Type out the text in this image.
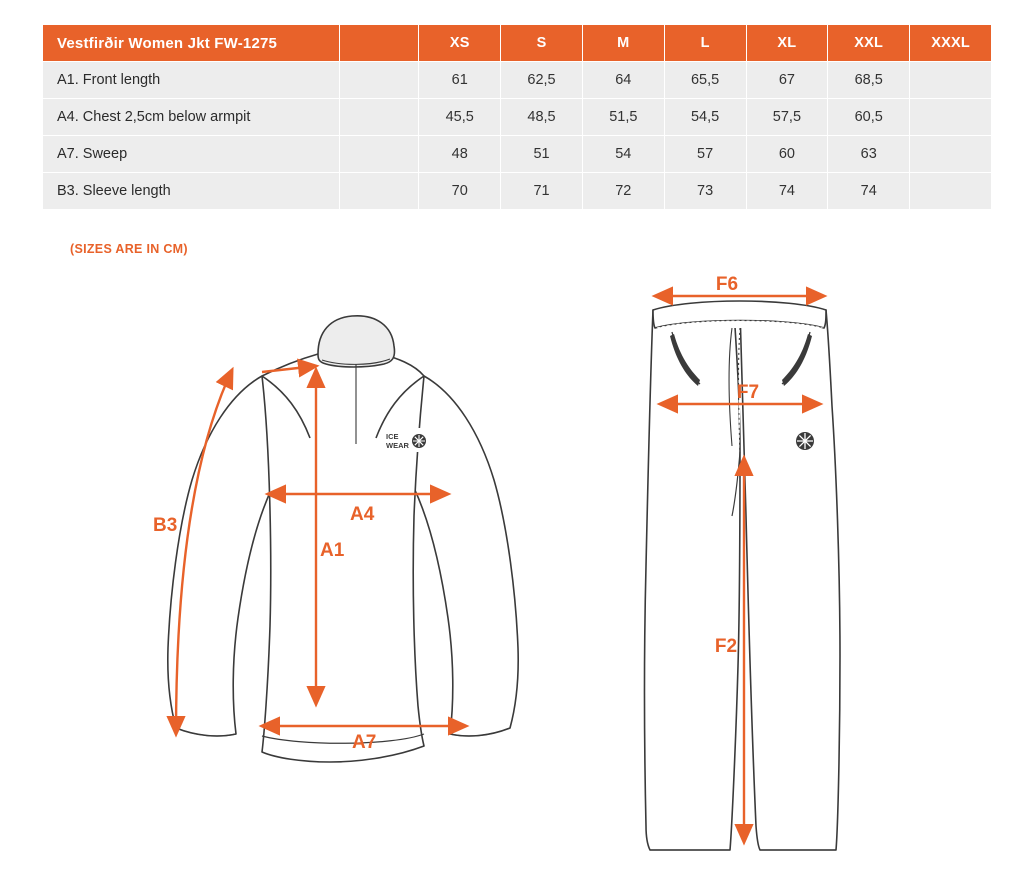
Vestfirðir Women Jkt FW-1275		XS	S	M	L	XL	XXL	XXXL
A1. Front length		61	62,5	64	65,5	67	68,5	
A4. Chest 2,5cm below armpit		45,5	48,5	51,5	54,5	57,5	60,5	
A7. Sweep		48	51	54	57	60	63	
B3. Sleeve length		70	71	72	73	74	74	
(SIZES ARE IN CM)
ICE
WEAR
B3
A4
A1
A7
F6
F7
F2
